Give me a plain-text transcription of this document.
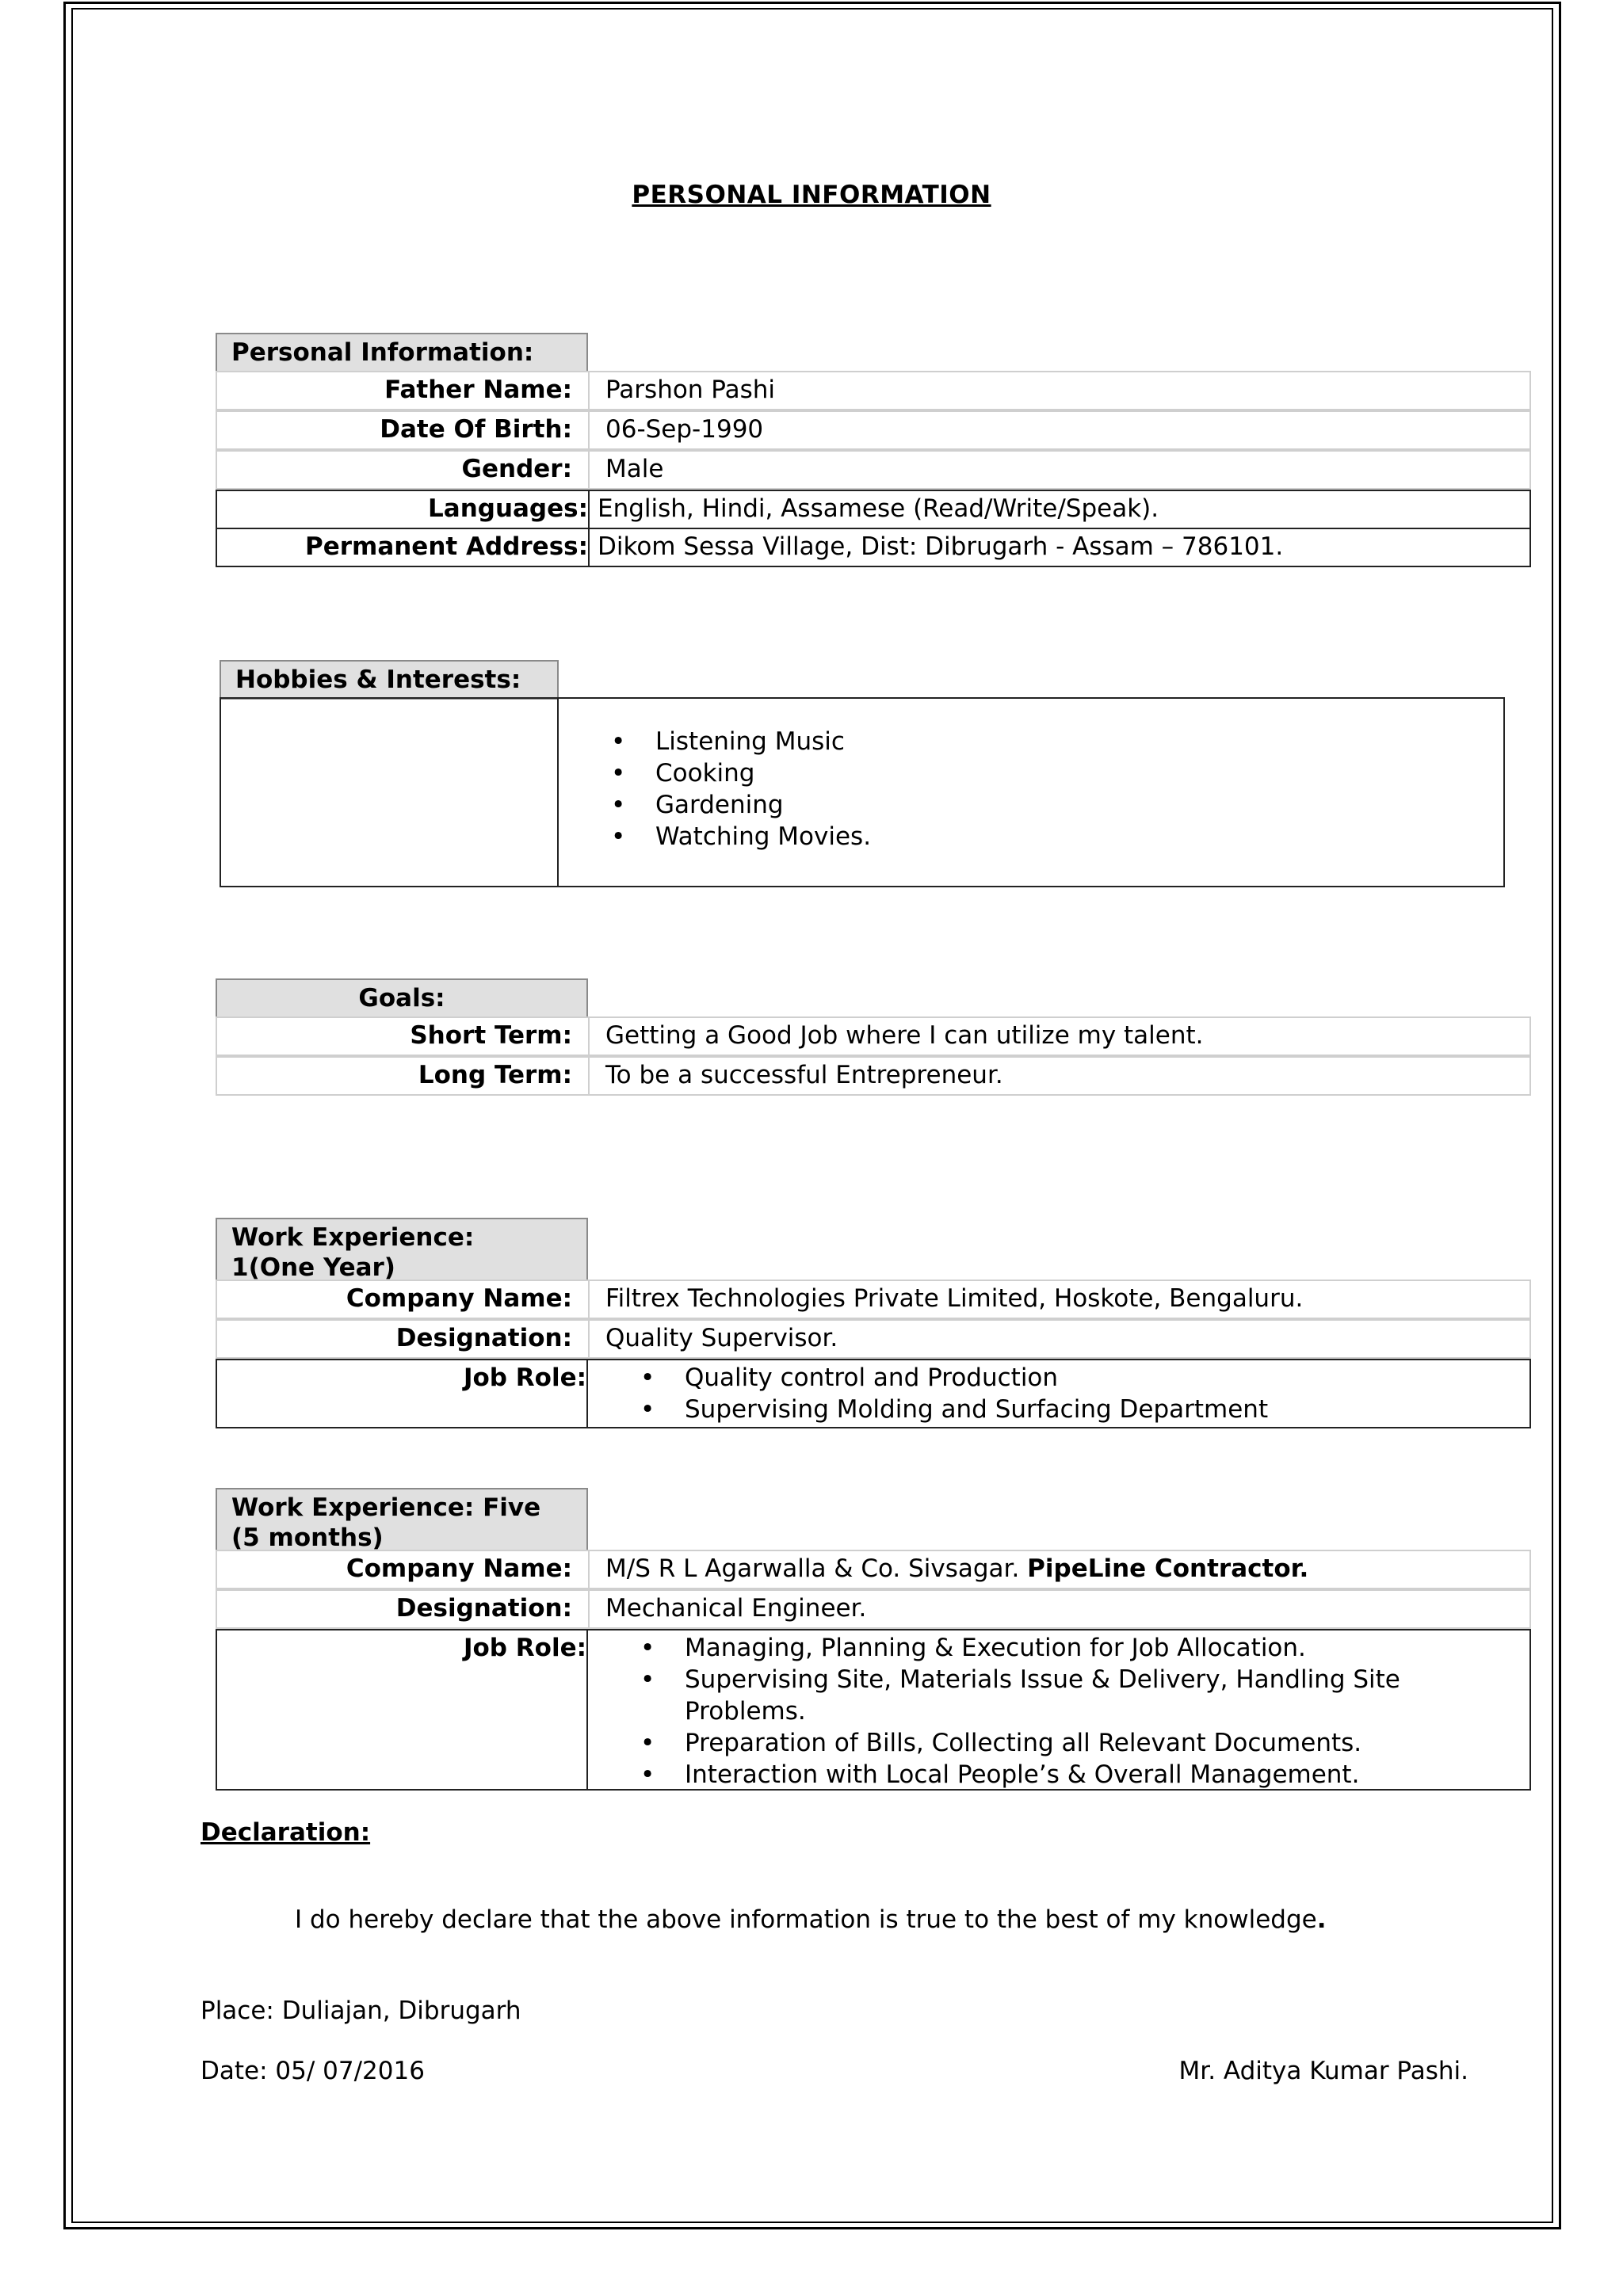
PERSONAL INFORMATION
Personal Information:
Father Name:	Parshon Pashi
Date Of Birth:	06-Sep-1990
Gender:	Male
Languages: English, Hindi, Assamese (Read/Write/Speak).
Permanent Address: Dikom Sessa Village, Dist: Dibrugarh - Assam – 786101.
Hobbies & Interests:
• Listening Music
• Cooking
• Gardening
• Watching Movies.
Goals:
Short Term:	Getting a Good Job where I can utilize my talent.
Long Term:	To be a successful Entrepreneur.
Work Experience:
1(One Year)
Company Name:	Filtrex Technologies Private Limited, Hoskote, Bengaluru.
Designation:	Quality Supervisor.
Job Role:	• Quality control and Production
• Supervising Molding and Surfacing Department
Work Experience: Five
(5 months)
Company Name:	M/S R L Agarwalla & Co. Sivsagar. PipeLine Contractor.
Designation:	Mechanical Engineer.
Job Role:	• Managing, Planning & Execution for Job Allocation.
• Supervising Site, Materials Issue & Delivery, Handling Site Problems.
• Preparation of Bills, Collecting all Relevant Documents.
• Interaction with Local People’s & Overall Management.
Declaration:
I do hereby declare that the above information is true to the best of my knowledge.
Place: Duliajan, Dibrugarh
Date: 05/ 07/2016	Mr. Aditya Kumar Pashi.
